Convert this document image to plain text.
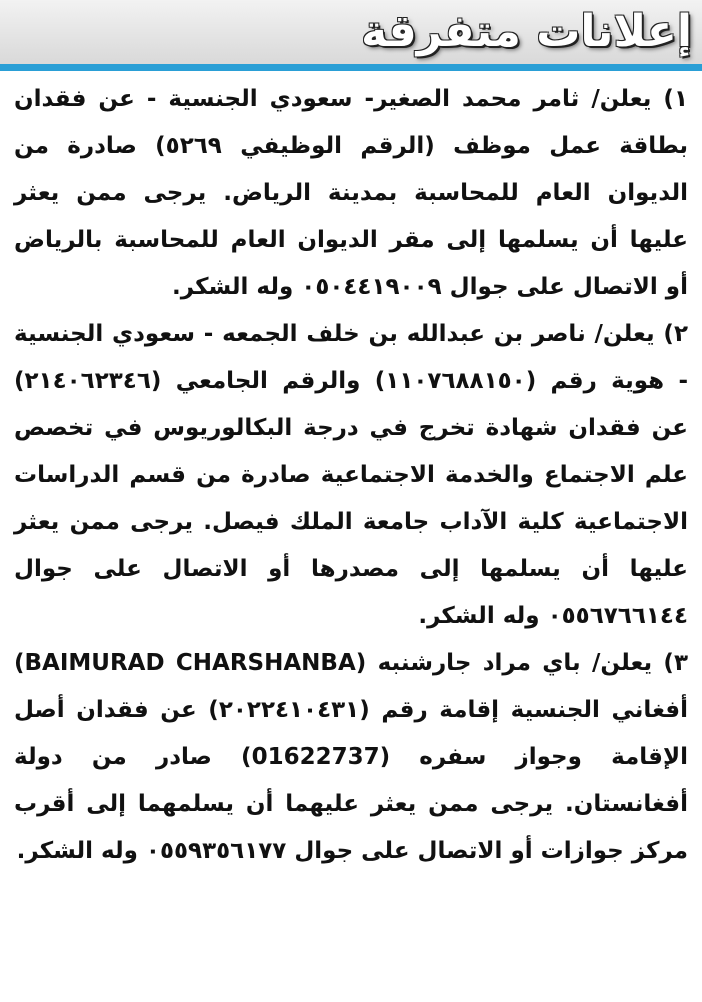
إعلانات متفرقة

١) يعلن/ ثامر محمد الصغير- سعودي الجنسية - عن فقدان بطاقة عمل موظف (الرقم الوظيفي ٥٢٦٩) صادرة من الديوان العام للمحاسبة بمدينة الرياض. يرجى ممن يعثر عليها أن يسلمها إلى مقر الديوان العام للمحاسبة بالرياض أو الاتصال على جوال ٠٥٠٤٤١٩٠٠٩ وله الشكر.

٢) يعلن/ ناصر بن عبدالله بن خلف الجمعه - سعودي الجنسية - هوية رقم (١١٠٧٦٨٨١٥٠) والرقم الجامعي (٢١٤٠٦٢٣٤٦) عن فقدان شهادة تخرج في درجة البكالوريوس في تخصص علم الاجتماع والخدمة الاجتماعية صادرة من قسم الدراسات الاجتماعية كلية الآداب جامعة الملك فيصل. يرجى ممن يعثر عليها أن يسلمها إلى مصدرها أو الاتصال على جوال ٠٥٥٦٧٦٦١٤٤ وله الشكر.

٣) يعلن/ باي مراد جارشنبه (BAIMURAD CHARSHANBA) أفغاني الجنسية إقامة رقم (٢٠٢٢٤١٠٤٣١) عن فقدان أصل الإقامة وجواز سفره (01622737) صادر من دولة أفغانستان. يرجى ممن يعثر عليهما أن يسلمهما إلى أقرب مركز جوازات أو الاتصال على جوال ٠٥٥٩٣٥٦١٧٧ وله الشكر.
